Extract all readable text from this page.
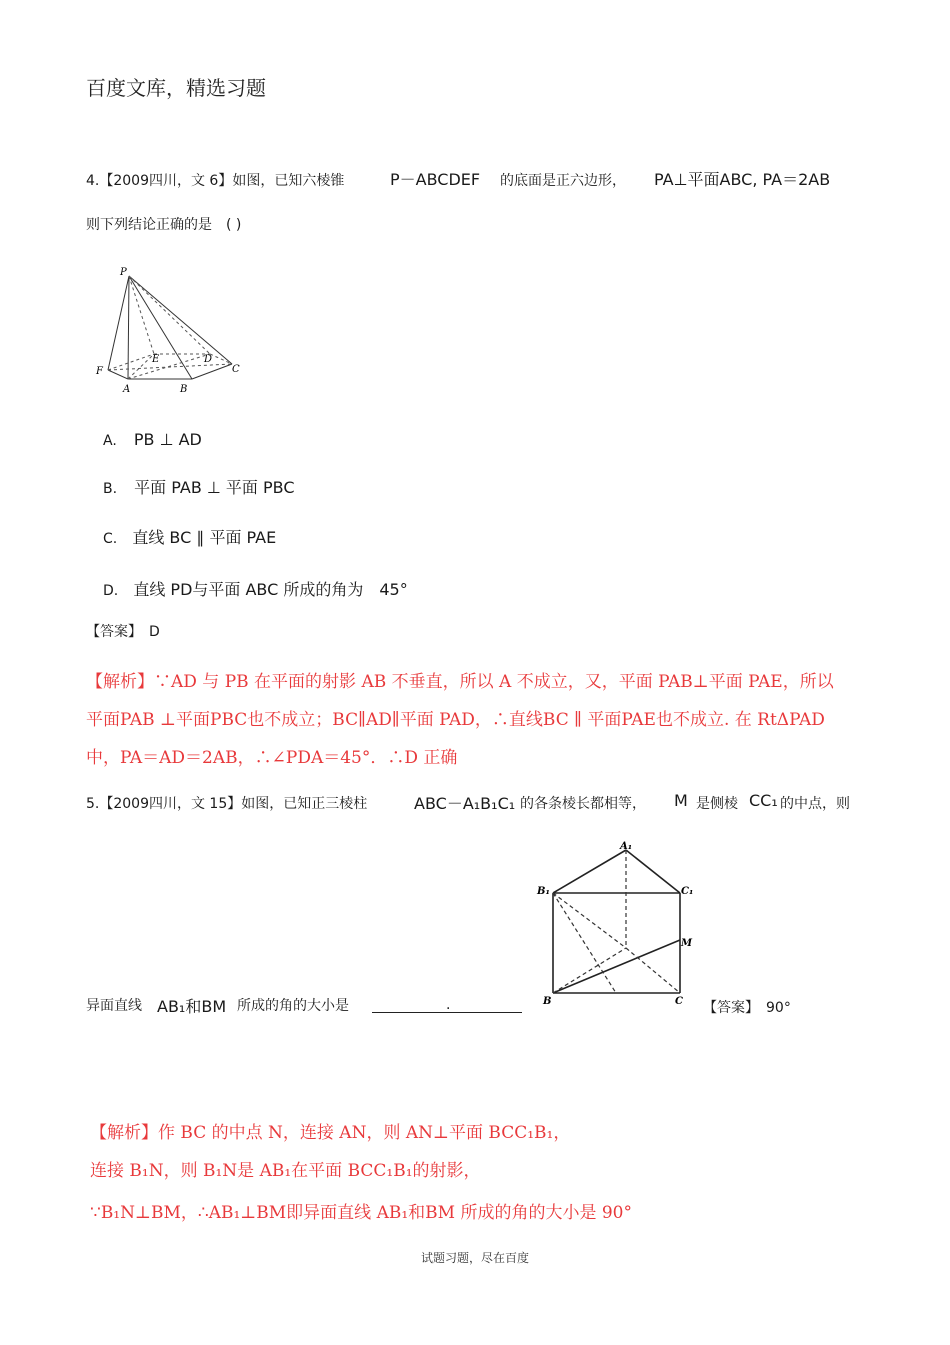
百度文库，精选习题
4.【2009四川，文 6】如图，已知六棱锥	P－ABCDEF 的底面是正六边形， PA⊥平面ABC, PA＝2AB
则下列结论正确的是　( )
P
E	D
F	C
A	B
A. PB ⊥ AD
B. 平面 PAB ⊥ 平面 PBC
C. 直线 BC ∥ 平面 PAE
D. 直线 PD与平面 ABC 所成的角为　45°
【答案】　D
【解析】∵AD 与 PB 在平面的射影 AB 不垂直，所以 A 不成立，又，平面 PAB⊥平面 PAE，所以
平面PAB ⊥平面PBC也不成立；BC∥AD∥平面 PAD，∴直线BC ∥ 平面PAE也不成立. 在 RtΔPAD
中，PA＝AD＝2AB，∴∠PDA＝45°．∴D 正确
5.【2009四川，文 15】如图，已知正三棱柱	ABC－A₁B₁C₁ 的各条棱长都相等， M 是侧棱 CC₁ 的中点，则
A₁
B₁	C₁
M
B	C
异面直线 AB₁和BM 所成的角的大小是	.	【答案】　90°
【解析】作 BC 的中点 N，连接 AN，则 AN⊥平面 BCC₁B₁，
连接 B₁N，则 B₁N是 AB₁在平面 BCC₁B₁的射影，
∵B₁N⊥BM，∴AB₁⊥BM即异面直线 AB₁和BM 所成的角的大小是 90°
试题习题，尽在百度
